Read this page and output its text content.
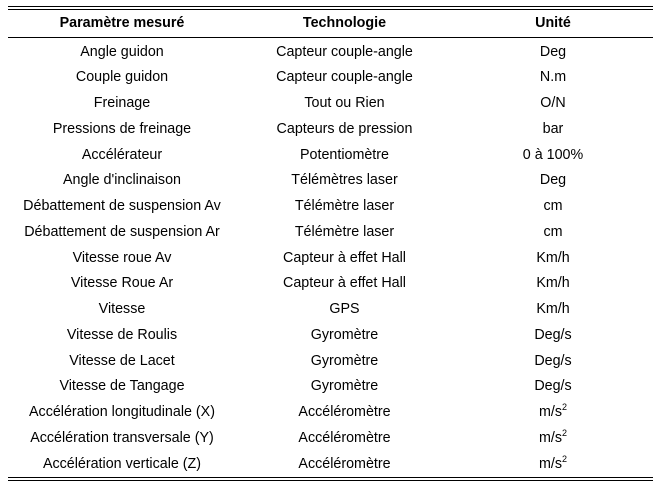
Paramètre mesuré	Technologie	Unité
Angle guidon	Capteur couple-angle	Deg
Couple guidon	Capteur couple-angle	N.m
Freinage	Tout ou Rien	O/N
Pressions de freinage	Capteurs de pression	bar
Accélérateur	Potentiomètre	0 à 100%
Angle d'inclinaison	Télémètres laser	Deg
Débattement de suspension Av	Télémètre laser	cm
Débattement de suspension Ar	Télémètre laser	cm
Vitesse roue Av	Capteur à effet Hall	Km/h
Vitesse Roue Ar	Capteur à effet Hall	Km/h
Vitesse	GPS	Km/h
Vitesse de Roulis	Gyromètre	Deg/s
Vitesse de Lacet	Gyromètre	Deg/s
Vitesse de Tangage	Gyromètre	Deg/s
Accélération longitudinale (X)	Accéléromètre	$m/s^2$
Accélération transversale (Y)	Accéléromètre	$m/s^2$
Accélération verticale (Z)	Accéléromètre	$m/s^2$
